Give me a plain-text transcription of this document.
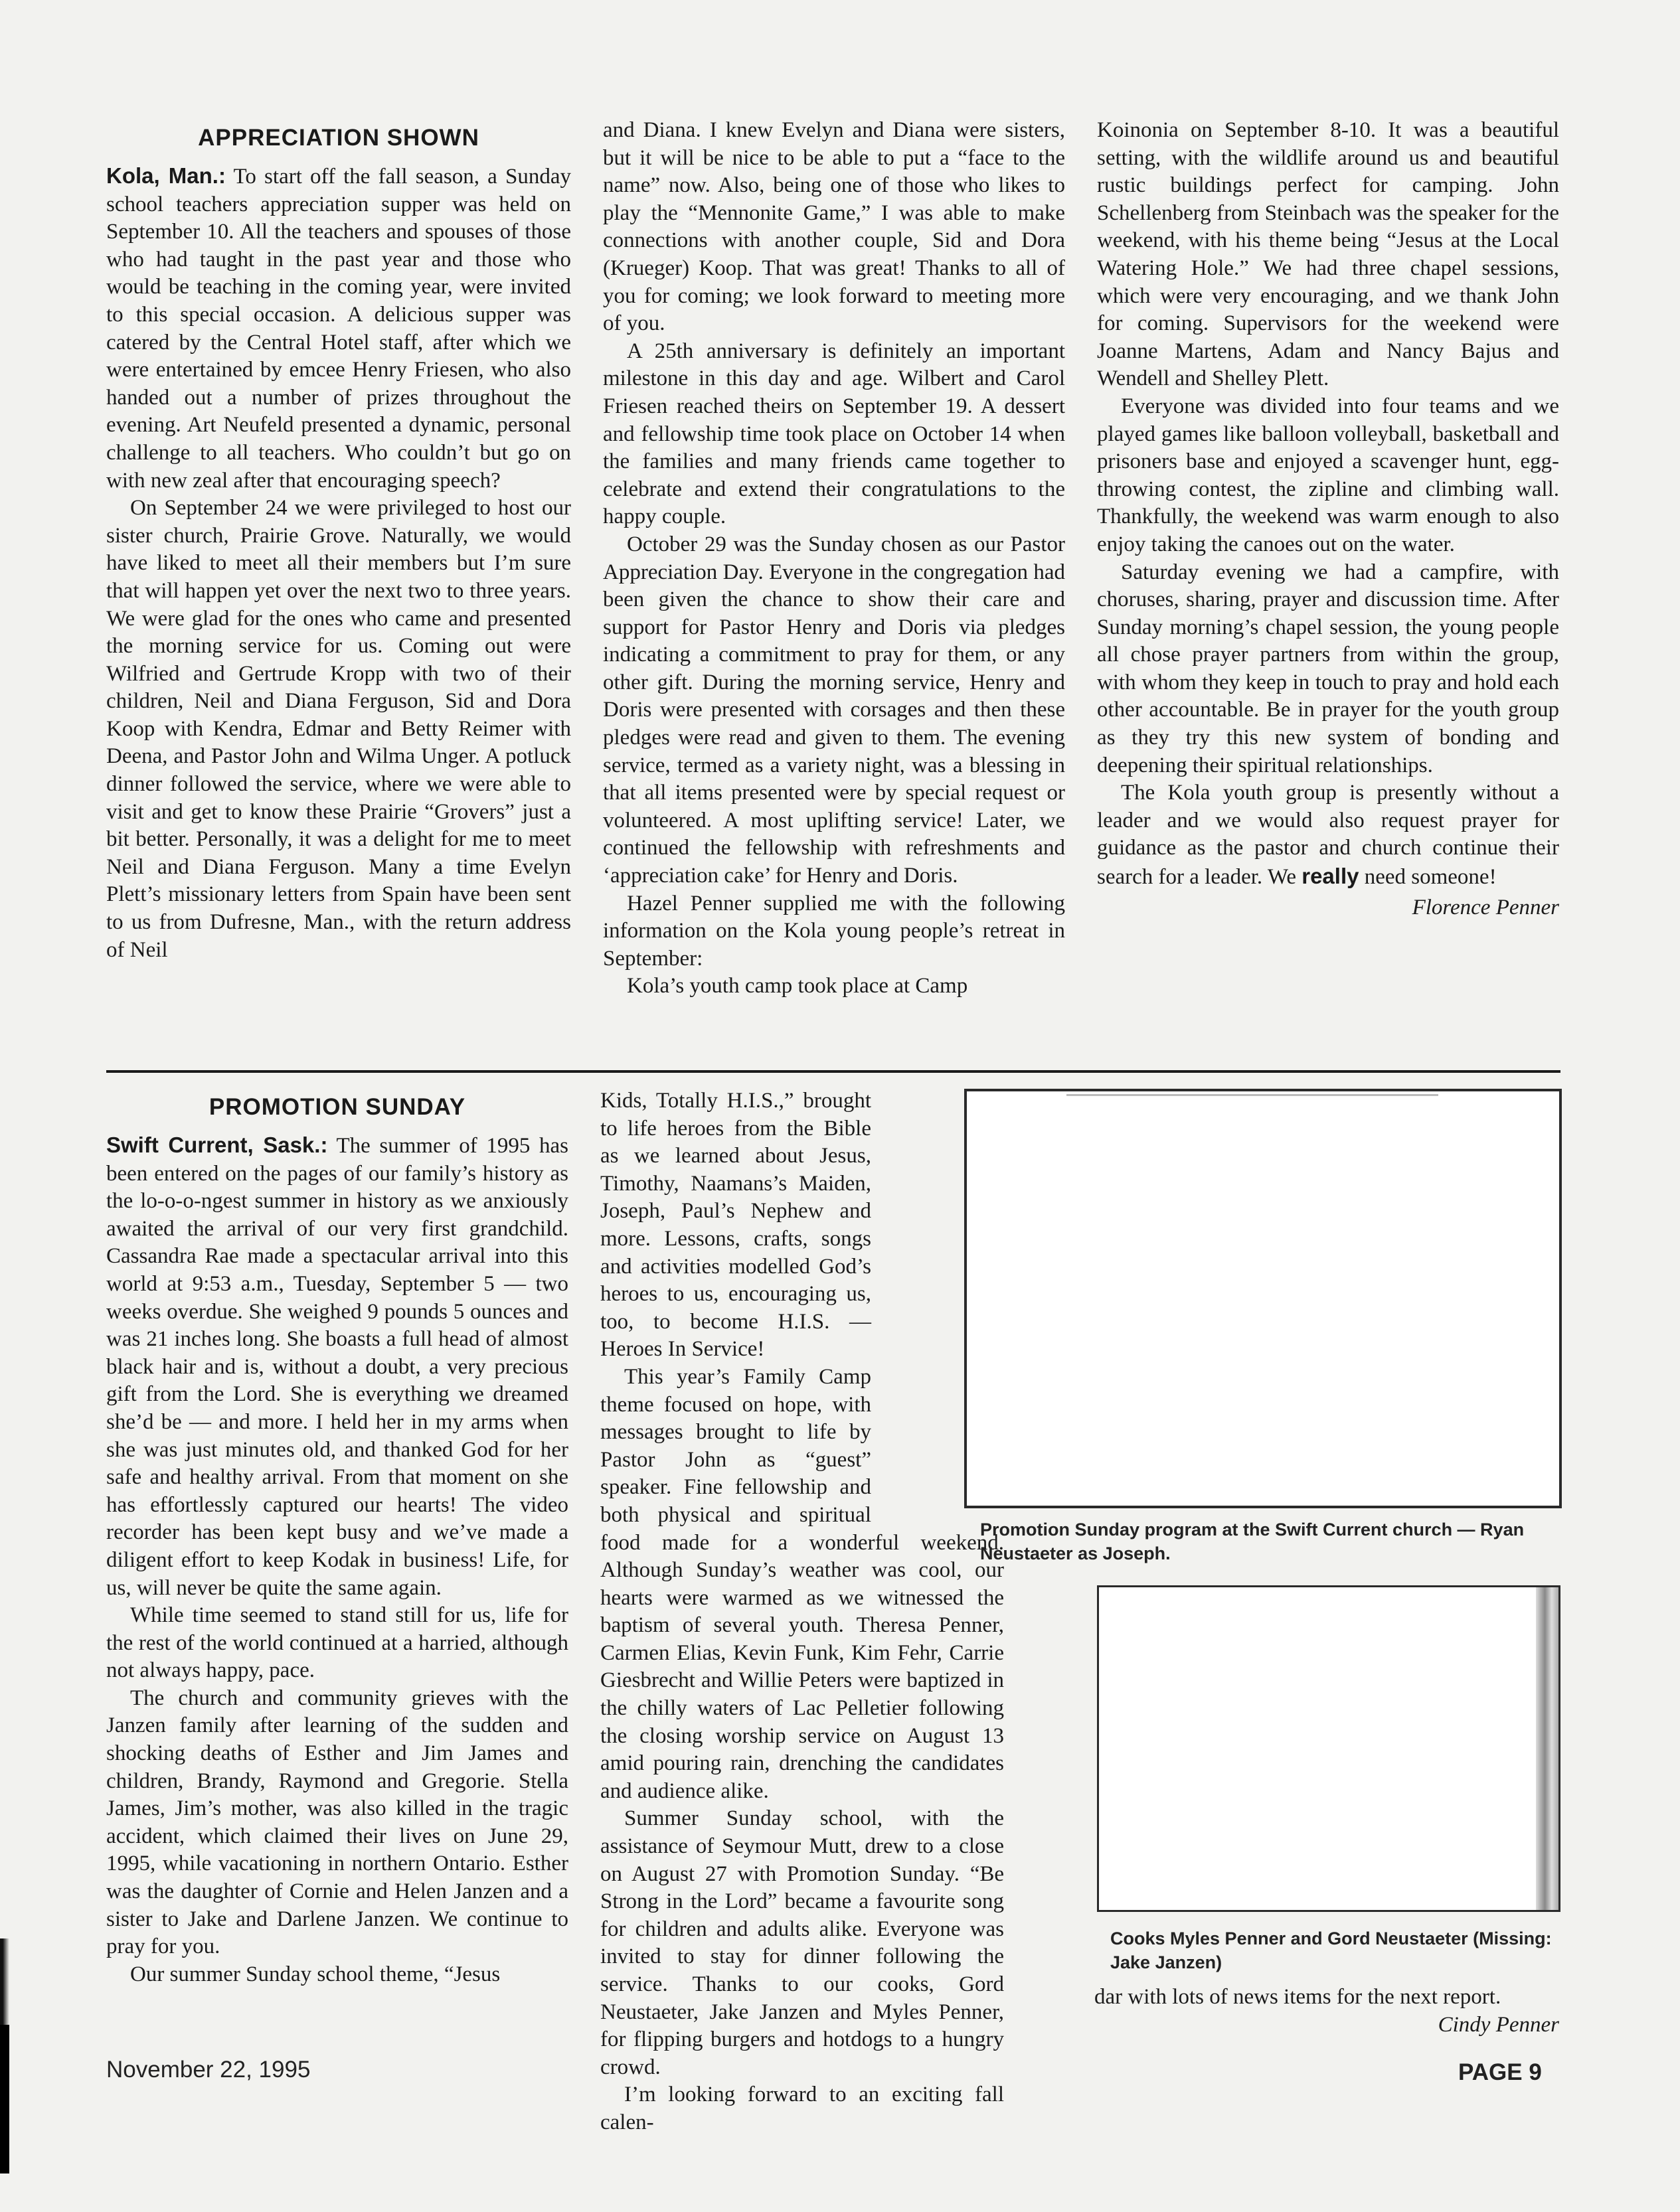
APPRECIATION SHOWN

Kola, Man.: To start off the fall season, a Sunday school teachers appreciation supper was held on September 10. All the teachers and spouses of those who had taught in the past year and those who would be teaching in the coming year, were invited to this special occasion. A delicious supper was catered by the Central Hotel staff, after which we were entertained by emcee Henry Friesen, who also handed out a number of prizes throughout the evening. Art Neufeld presented a dynamic, personal challenge to all teachers. Who couldn’t but go on with new zeal after that encouraging speech?

On September 24 we were privileged to host our sister church, Prairie Grove. Naturally, we would have liked to meet all their members but I’m sure that will happen yet over the next two to three years. We were glad for the ones who came and presented the morning service for us. Coming out were Wilfried and Gertrude Kropp with two of their children, Neil and Diana Ferguson, Sid and Dora Koop with Kendra, Edmar and Betty Reimer with Deena, and Pastor John and Wilma Unger. A potluck dinner followed the service, where we were able to visit and get to know these Prairie “Grovers” just a bit better. Personally, it was a delight for me to meet Neil and Diana Ferguson. Many a time Evelyn Plett’s missionary letters from Spain have been sent to us from Dufresne, Man., with the return address of Neil

and Diana. I knew Evelyn and Diana were sisters, but it will be nice to be able to put a “face to the name” now. Also, being one of those who likes to play the “Mennonite Game,” I was able to make connections with another couple, Sid and Dora (Krueger) Koop. That was great! Thanks to all of you for coming; we look forward to meeting more of you.

A 25th anniversary is definitely an important milestone in this day and age. Wilbert and Carol Friesen reached theirs on September 19. A dessert and fellowship time took place on October 14 when the families and many friends came together to celebrate and extend their congratulations to the happy couple.

October 29 was the Sunday chosen as our Pastor Appreciation Day. Everyone in the congregation had been given the chance to show their care and support for Pastor Henry and Doris via pledges indicating a commitment to pray for them, or any other gift. During the morning service, Henry and Doris were presented with corsages and then these pledges were read and given to them. The evening service, termed as a variety night, was a blessing in that all items presented were by special request or volunteered. A most uplifting service! Later, we continued the fellowship with refreshments and ‘appreciation cake’ for Henry and Doris.

Hazel Penner supplied me with the following information on the Kola young people’s retreat in September:

Kola’s youth camp took place at Camp

Koinonia on September 8-10. It was a beautiful setting, with the wildlife around us and beautiful rustic buildings perfect for camping. John Schellenberg from Steinbach was the speaker for the weekend, with his theme being “Jesus at the Local Watering Hole.” We had three chapel sessions, which were very encouraging, and we thank John for coming. Supervisors for the weekend were Joanne Martens, Adam and Nancy Bajus and Wendell and Shelley Plett.

Everyone was divided into four teams and we played games like balloon volleyball, basketball and prisoners base and enjoyed a scavenger hunt, egg-throwing contest, the zipline and climbing wall. Thankfully, the weekend was warm enough to also enjoy taking the canoes out on the water.

Saturday evening we had a campfire, with choruses, sharing, prayer and discussion time. After Sunday morning’s chapel session, the young people all chose prayer partners from within the group, with whom they keep in touch to pray and hold each other accountable. Be in prayer for the youth group as they try this new system of bonding and deepening their spiritual relationships.

The Kola youth group is presently without a leader and we would also request prayer for guidance as the pastor and church continue their search for a leader. We really need someone!

Florence Penner

PROMOTION SUNDAY

Swift Current, Sask.: The summer of 1995 has been entered on the pages of our family’s history as the lo-o-o-ngest summer in history as we anxiously awaited the arrival of our very first grandchild. Cassandra Rae made a spectacular arrival into this world at 9:53 a.m., Tuesday, September 5 — two weeks overdue. She weighed 9 pounds 5 ounces and was 21 inches long. She boasts a full head of almost black hair and is, without a doubt, a very precious gift from the Lord. She is everything we dreamed she’d be — and more. I held her in my arms when she was just minutes old, and thanked God for her safe and healthy arrival. From that moment on she has effortlessly captured our hearts! The video recorder has been kept busy and we’ve made a diligent effort to keep Kodak in business! Life, for us, will never be quite the same again.

While time seemed to stand still for us, life for the rest of the world continued at a harried, although not always happy, pace.

The church and community grieves with the Janzen family after learning of the sudden and shocking deaths of Esther and Jim James and children, Brandy, Raymond and Gregorie. Stella James, Jim’s mother, was also killed in the tragic accident, which claimed their lives on June 29, 1995, while vacationing in northern Ontario. Esther was the daughter of Cornie and Helen Janzen and a sister to Jake and Darlene Janzen. We continue to pray for you.

Our summer Sunday school theme, “Jesus

Kids, Totally H.I.S.,” brought to life heroes from the Bible as we learned about Jesus, Timothy, Naamans’s Maiden, Joseph, Paul’s Nephew and more. Lessons, crafts, songs and activities modelled God’s heroes to us, encouraging us, too, to become H.I.S. — Heroes In Service!

This year’s Family Camp theme focused on hope, with messages brought to life by Pastor John as “guest” speaker. Fine fellowship and both physical and spiritual food made for a wonderful weekend. Although Sunday’s weather was cool, our hearts were warmed as we witnessed the baptism of several youth. Theresa Penner, Carmen Elias, Kevin Funk, Kim Fehr, Carrie Giesbrecht and Willie Peters were baptized in the chilly waters of Lac Pelletier following the closing worship service on August 13 amid pouring rain, drenching the candidates and audience alike.

Summer Sunday school, with the assistance of Seymour Mutt, drew to a close on August 27 with Promotion Sunday. “Be Strong in the Lord” became a favourite song for children and adults alike. Everyone was invited to stay for dinner following the service. Thanks to our cooks, Gord Neustaeter, Jake Janzen and Myles Penner, for flipping burgers and hotdogs to a hungry crowd.

I’m looking forward to an exciting fall calen-

Promotion Sunday program at the Swift Current church — Ryan Neustaeter as Joseph.
Cooks Myles Penner and Gord Neustaeter (Missing: Jake Janzen)

dar with lots of news items for the next report.

Cindy Penner

November 22, 1995	PAGE 9
